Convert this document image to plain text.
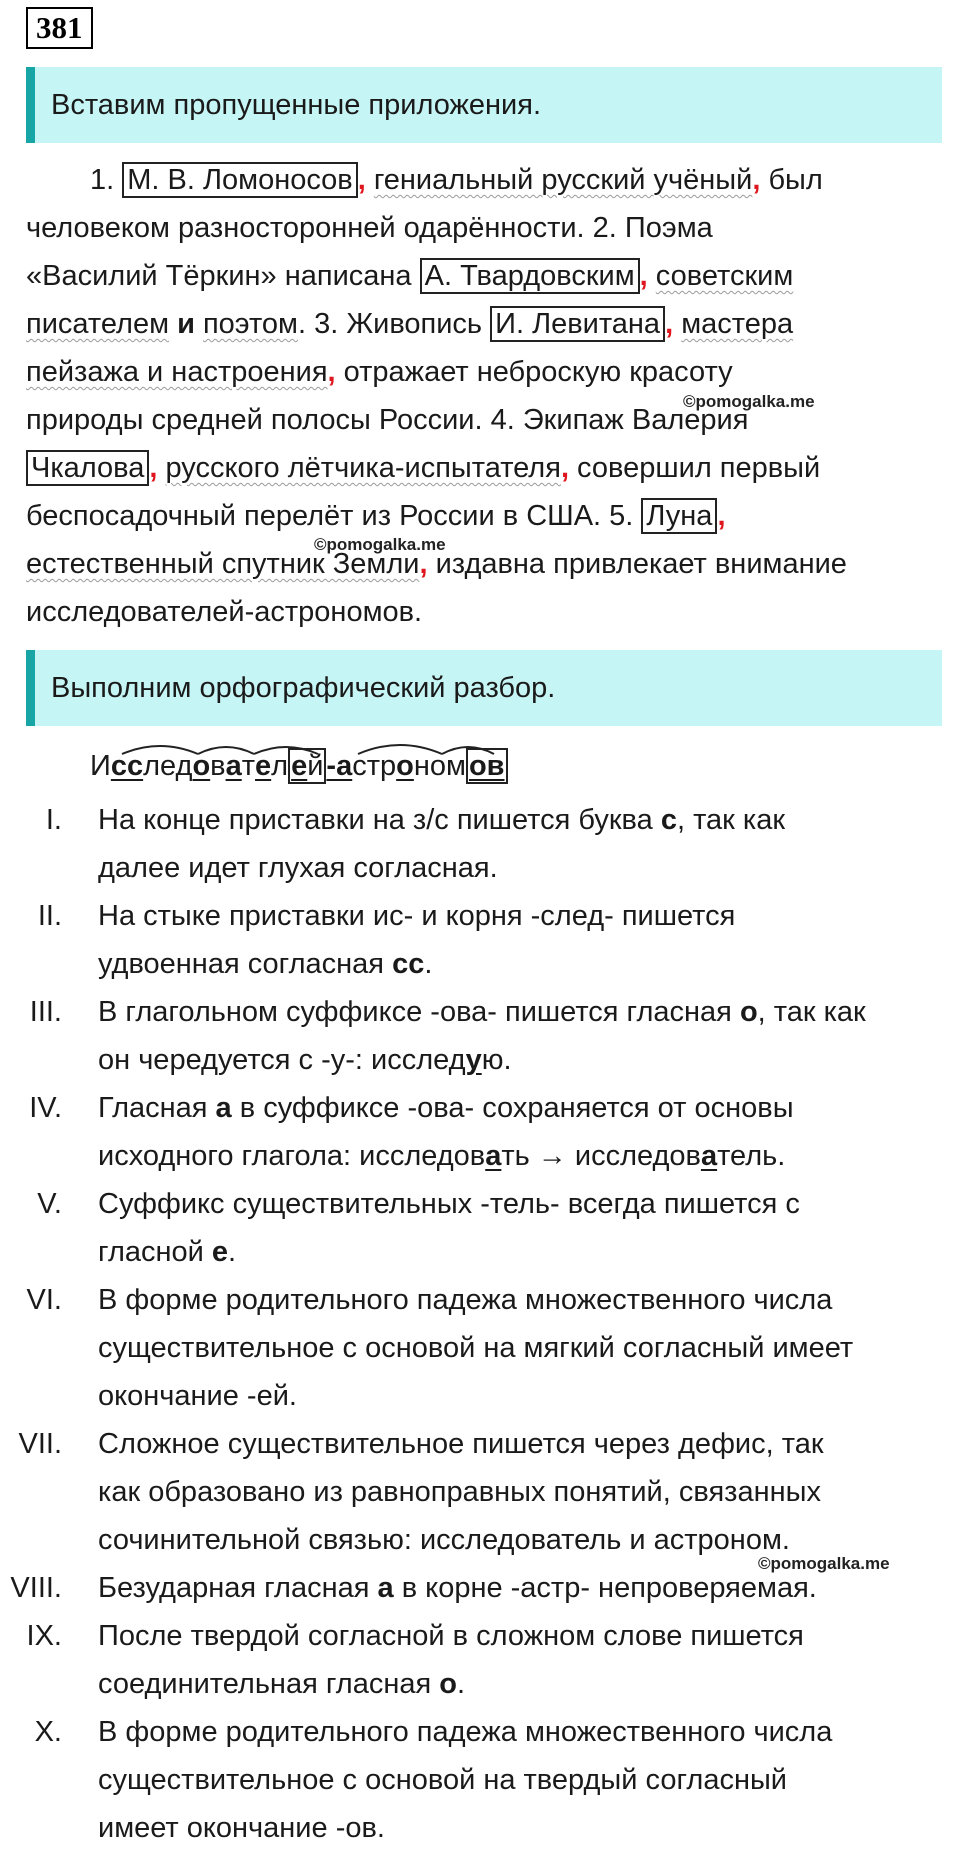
381
Вставим пропущенные приложения.
1. М. В. Ломоносов , гениальный русский учёный, был
человеком разносторонней одарённости. 2. Поэма
«Василий Тёркин» написана А. Твардовским , советским
писателем и поэтом. 3. Живопись И. Левитана , мастера
пейзажа и настроения, отражает неброскую красоту
природы средней полосы России. 4. Экипаж Валерия
Чкалова , русского лётчика-испытателя, совершил первый
беспосадочный перелёт из России в США. 5. Луна ,
естественный спутник Земли, издавна привлекает внимание
исследователей-астрономов.
©pomogalka.me
©pomogalka.me
Выполним орфографический разбор.
Исследовател ей -астроном ов
I. На конце приставки на з/с пишется буква с, так как
далее идет глухая согласная.
II. На стыке приставки ис- и корня -след- пишется
удвоенная согласная сс.
III. В глагольном суффиксе -ова- пишется гласная о, так как
он чередуется с -у-: исследую.
IV. Гласная а в суффиксе -ова- сохраняется от основы
исходного глагола: исследовать → исследователь.
V. Суффикс существительных -тель- всегда пишется с
гласной е.
VI. В форме родительного падежа множественного числа
существительное с основой на мягкий согласный имеет
окончание -ей.
VII. Сложное существительное пишется через дефис, так
как образовано из равноправных понятий, связанных
сочинительной связью: исследователь и астроном.
VIII. Безударная гласная а в корне -астр- непроверяемая.
IX. После твердой согласной в сложном слове пишется
соединительная гласная о.
X. В форме родительного падежа множественного числа
существительное с основой на твердый согласный
имеет окончание -ов.
©pomogalka.me
